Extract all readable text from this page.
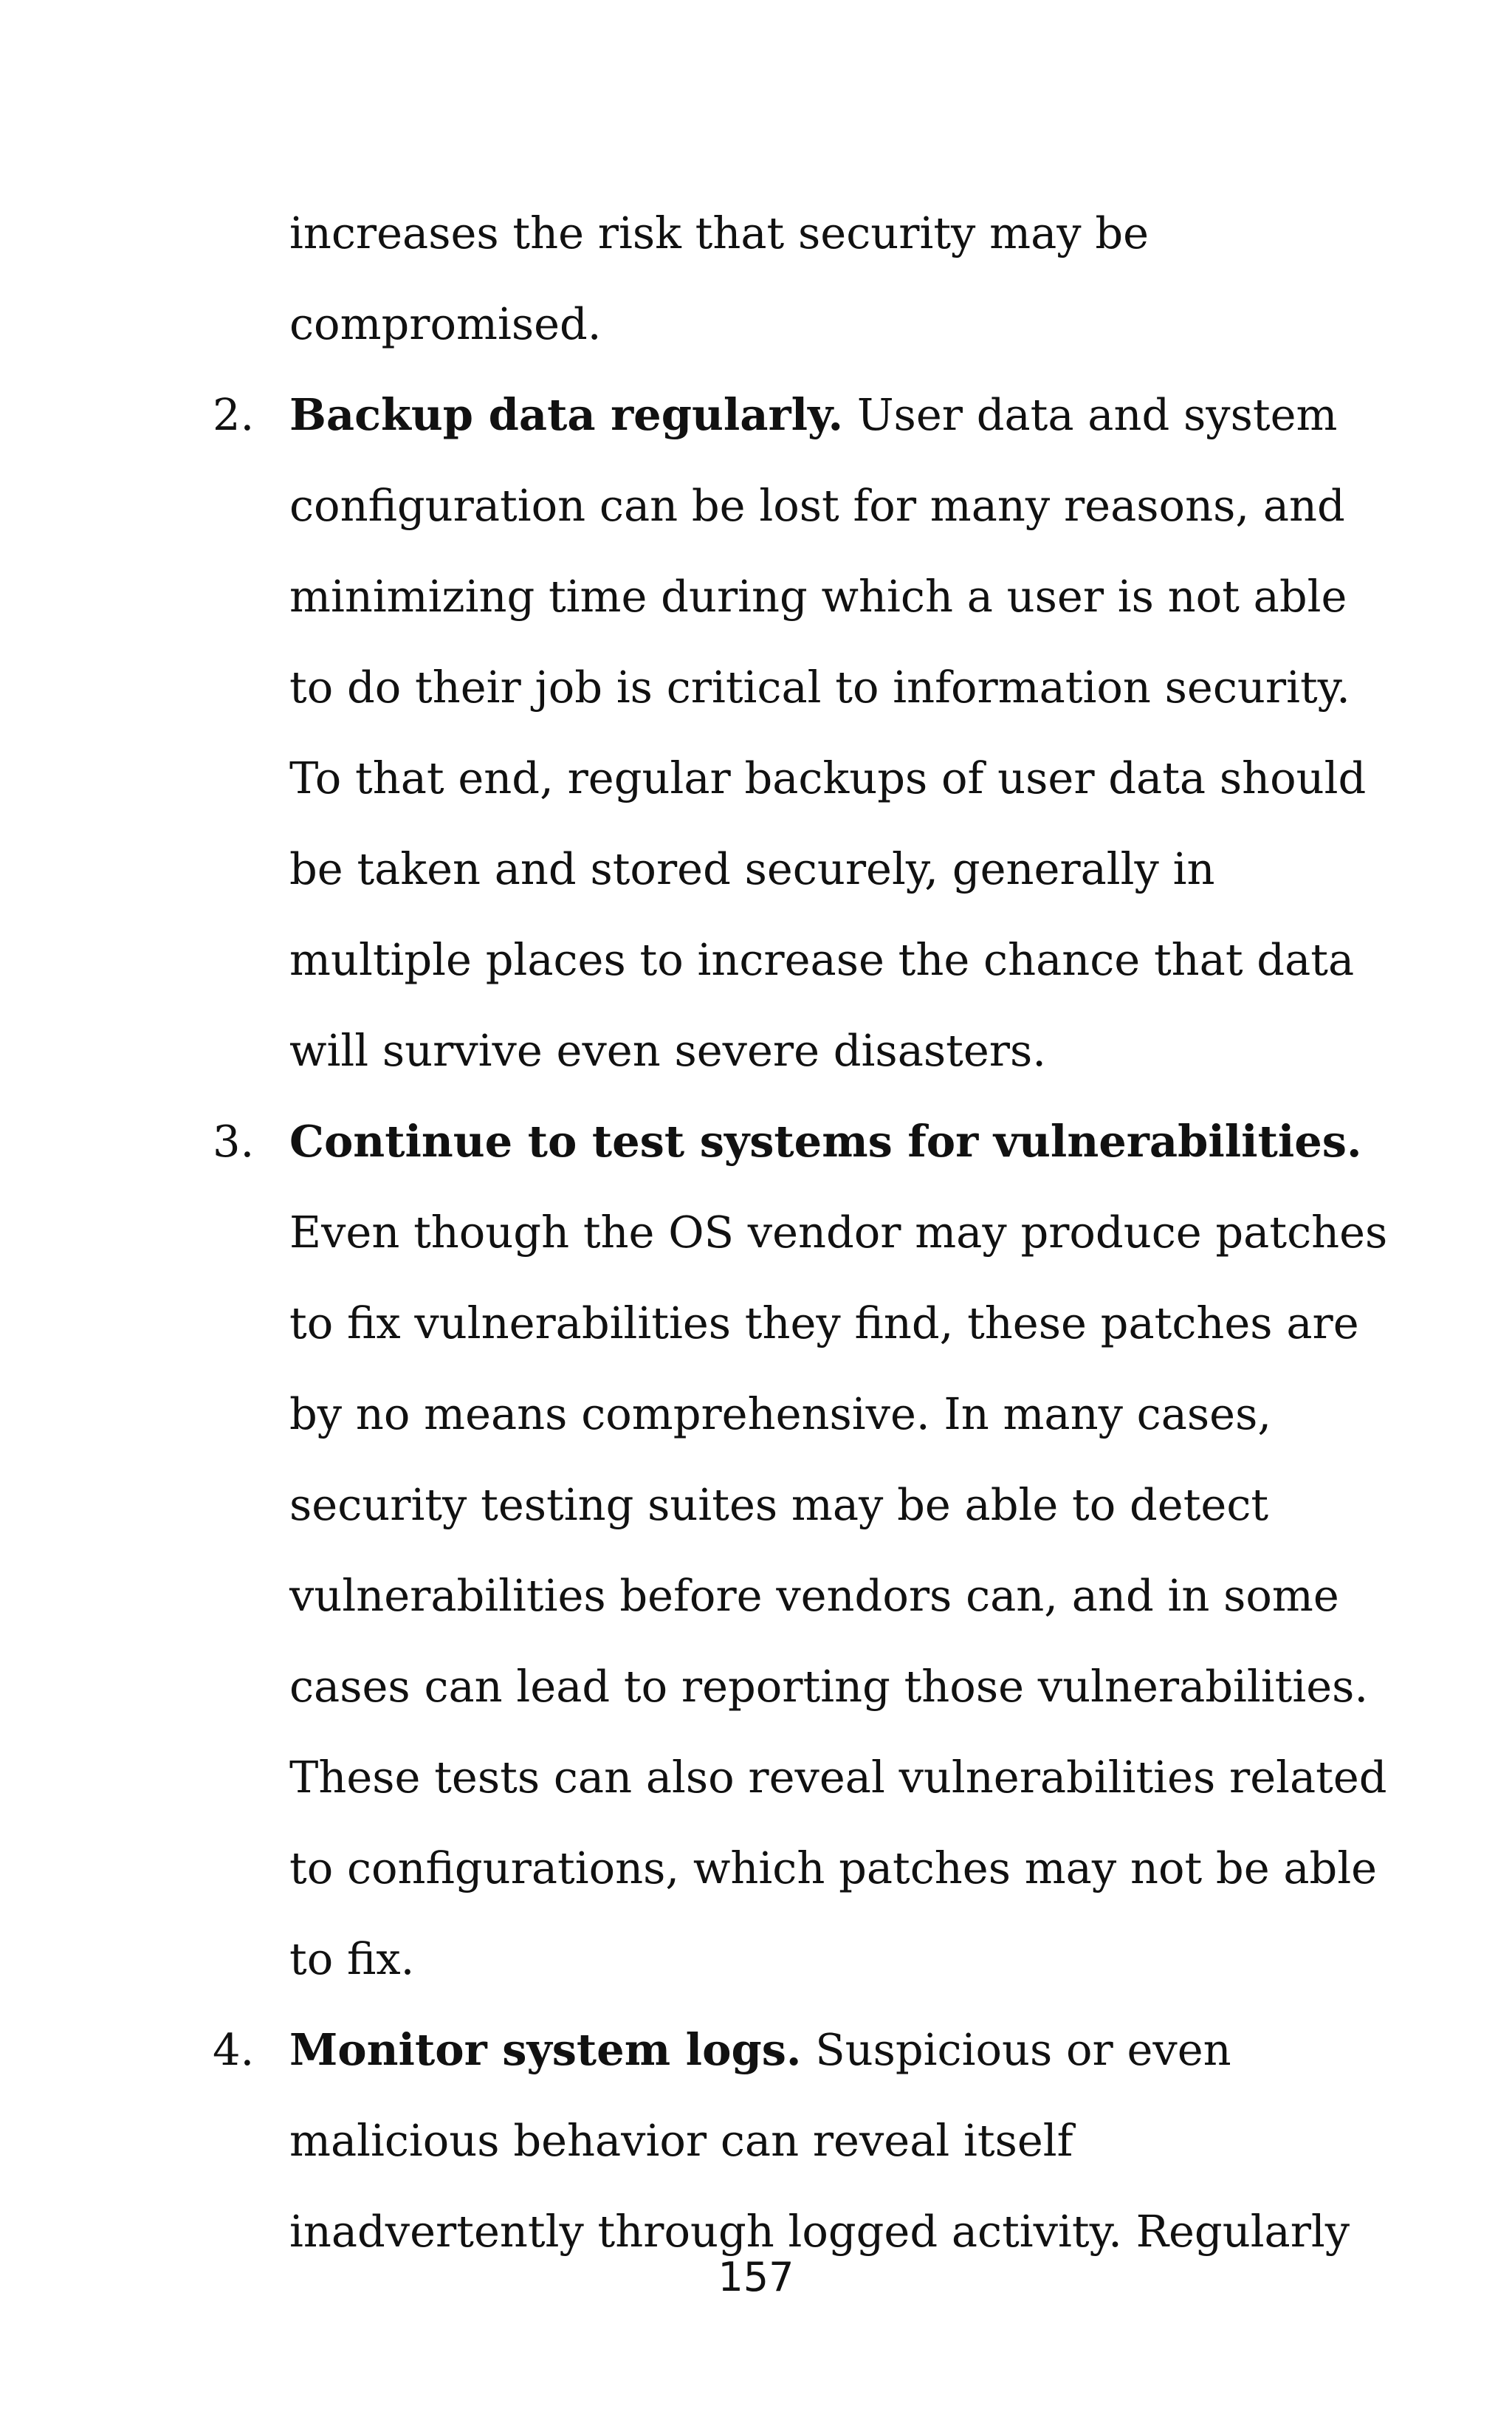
increases the risk that security may be
compromised.
2. Backup data regularly. User data and system
configuration can be lost for many reasons, and
minimizing time during which a user is not able
to do their job is critical to information security.
To that end, regular backups of user data should
be taken and stored securely, generally in
multiple places to increase the chance that data
will survive even severe disasters.
3. Continue to test systems for vulnerabilities.
Even though the OS vendor may produce patches
to fix vulnerabilities they find, these patches are
by no means comprehensive. In many cases,
security testing suites may be able to detect
vulnerabilities before vendors can, and in some
cases can lead to reporting those vulnerabilities.
These tests can also reveal vulnerabilities related
to configurations, which patches may not be able
to fix.
4. Monitor system logs. Suspicious or even
malicious behavior can reveal itself
inadvertently through logged activity. Regularly
157
